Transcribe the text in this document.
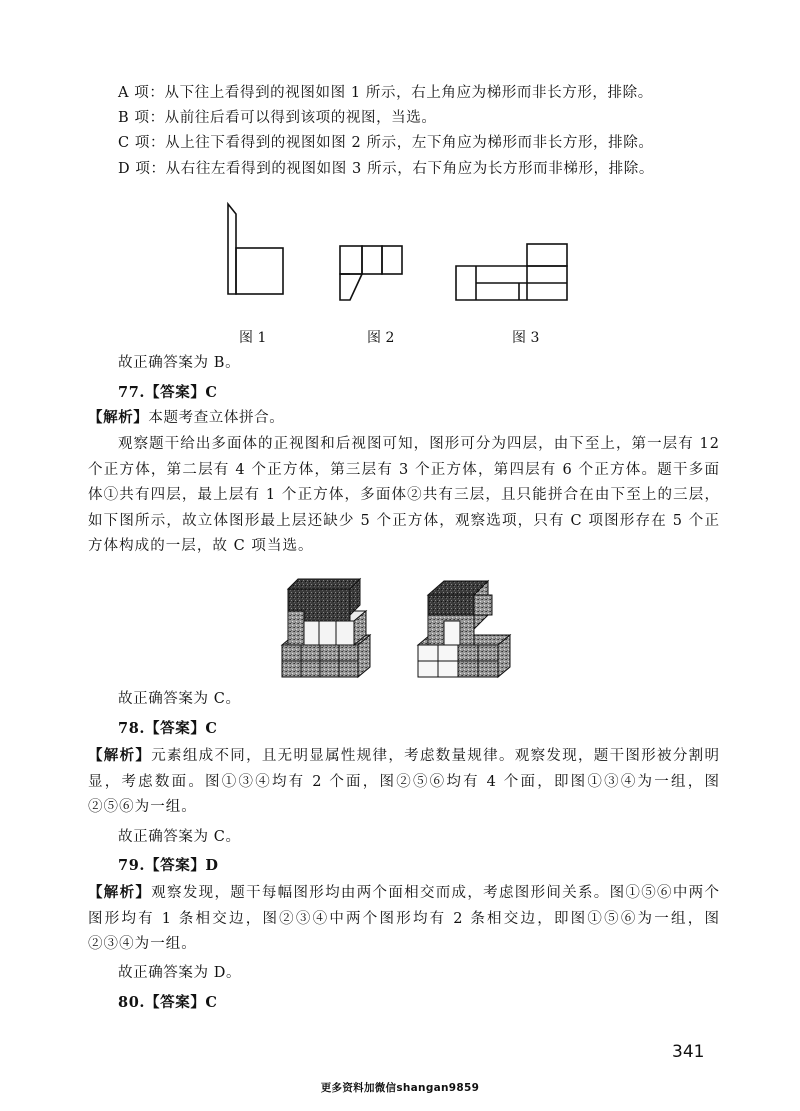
A 项：从下往上看得到的视图如图 1 所示，右上角应为梯形而非长方形，排除。
B 项：从前往后看可以得到该项的视图，当选。
C 项：从上往下看得到的视图如图 2 所示，左下角应为梯形而非长方形，排除。
D 项：从右往左看得到的视图如图 3 所示，右下角应为长方形而非梯形，排除。
图 1	图 2	图 3
故正确答案为 B。
77.【答案】C
【解析】本题考查立体拼合。
观察题干给出多面体的正视图和后视图可知，图形可分为四层，由下至上，第一层有 12 个正方体，第二层有 4 个正方体，第三层有 3 个正方体，第四层有 6 个正方体。题干多面体①共有四层，最上层有 1 个正方体，多面体②共有三层，且只能拼合在由下至上的三层，如下图所示，故立体图形最上层还缺少 5 个正方体，观察选项，只有 C 项图形存在 5 个正方体构成的一层，故 C 项当选。
故正确答案为 C。
78.【答案】C
【解析】元素组成不同，且无明显属性规律，考虑数量规律。观察发现，题干图形被分割明显，考虑数面。图①③④均有 2 个面，图②⑤⑥均有 4 个面，即图①③④为一组，图②⑤⑥为一组。
故正确答案为 C。
79.【答案】D
【解析】观察发现，题干每幅图形均由两个面相交而成，考虑图形间关系。图①⑤⑥中两个图形均有 1 条相交边，图②③④中两个图形均有 2 条相交边，即图①⑤⑥为一组，图②③④为一组。
故正确答案为 D。
80.【答案】C
341
更多资料加微信shangan9859
